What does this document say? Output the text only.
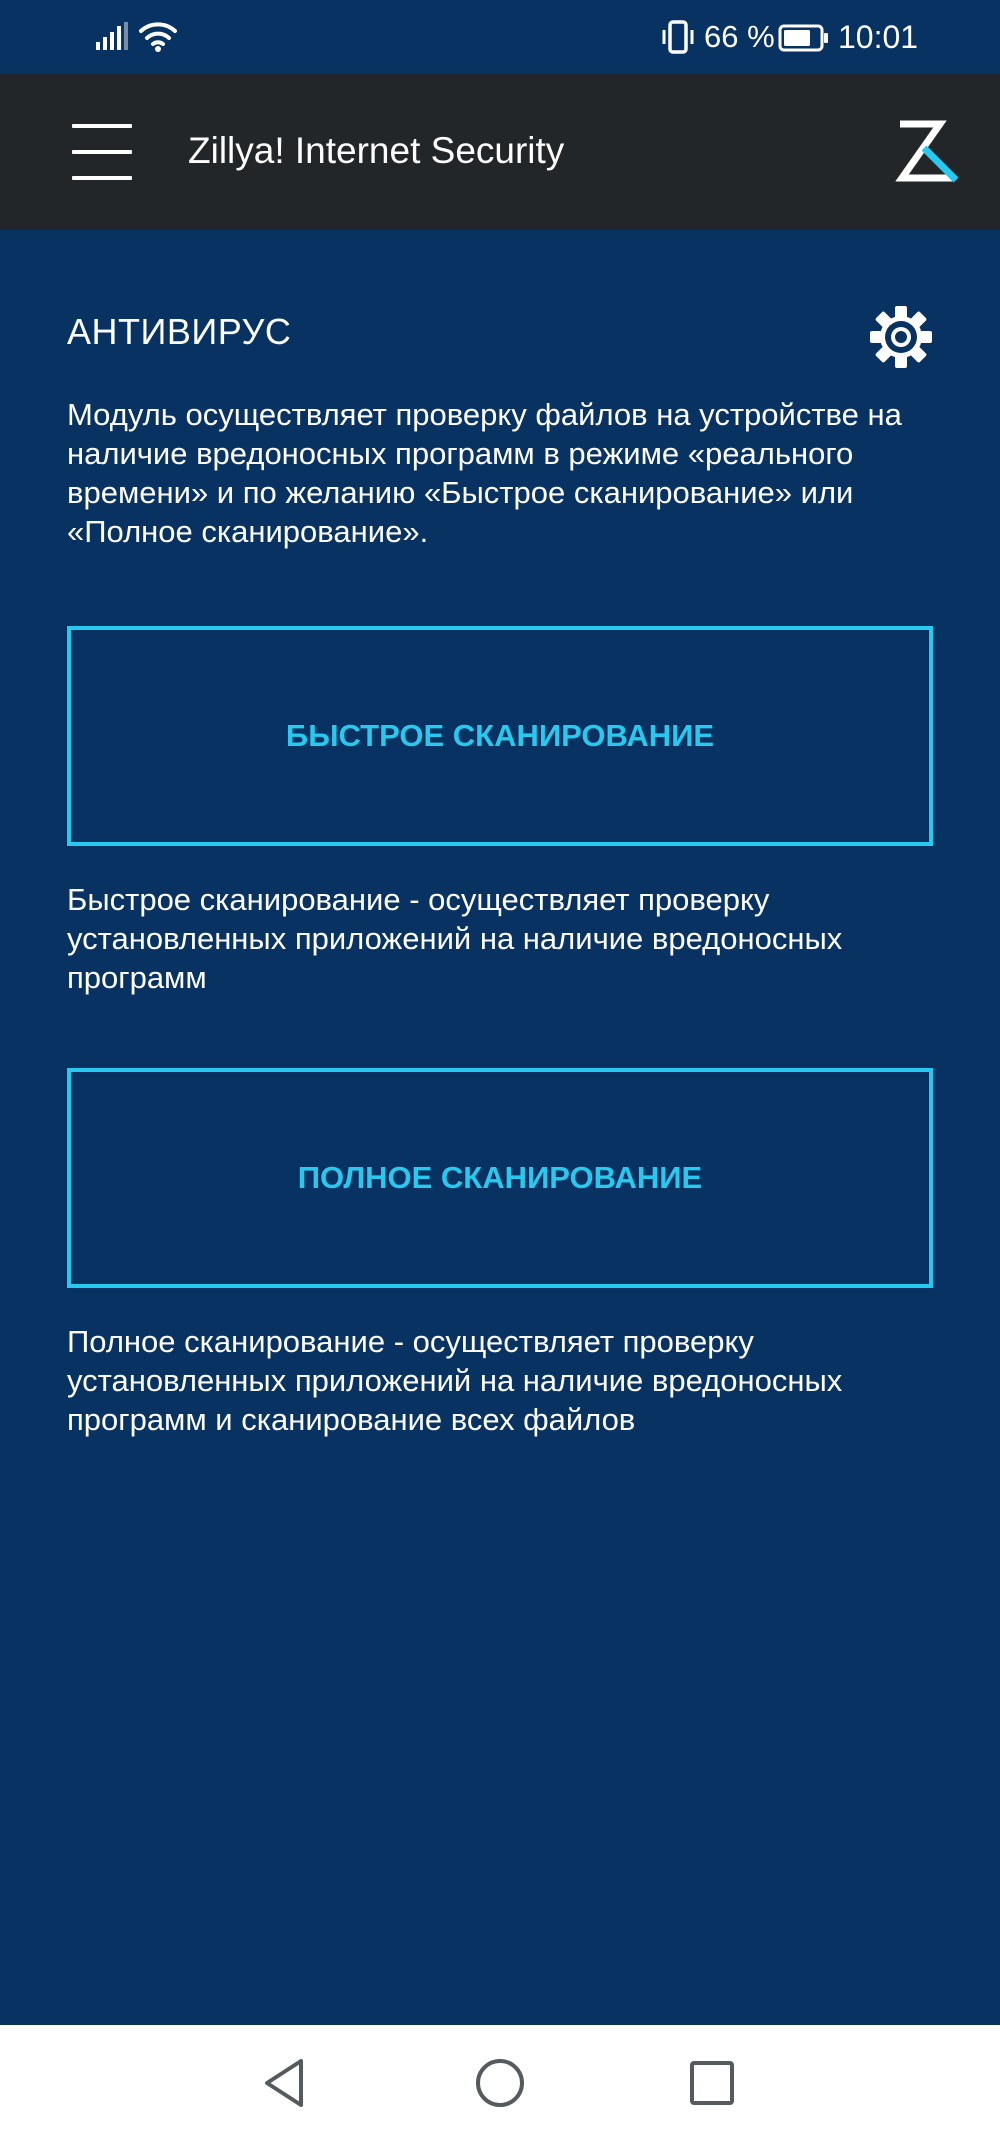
66 % 10:01
Zillya! Internet Security
АНТИВИРУС
Модуль осуществляет проверку файлов на устройстве на наличие вредоносных программ в режиме «реального времени» и по желанию «Быстрое сканирование» или «Полное сканирование».
БЫСТРОЕ СКАНИРОВАНИЕ
Быстрое сканирование - осуществляет проверку установленных приложений на наличие вредоносных программ
ПОЛНОЕ СКАНИРОВАНИЕ
Полное сканирование - осуществляет проверку установленных приложений на наличие вредоносных программ и сканирование всех файлов
